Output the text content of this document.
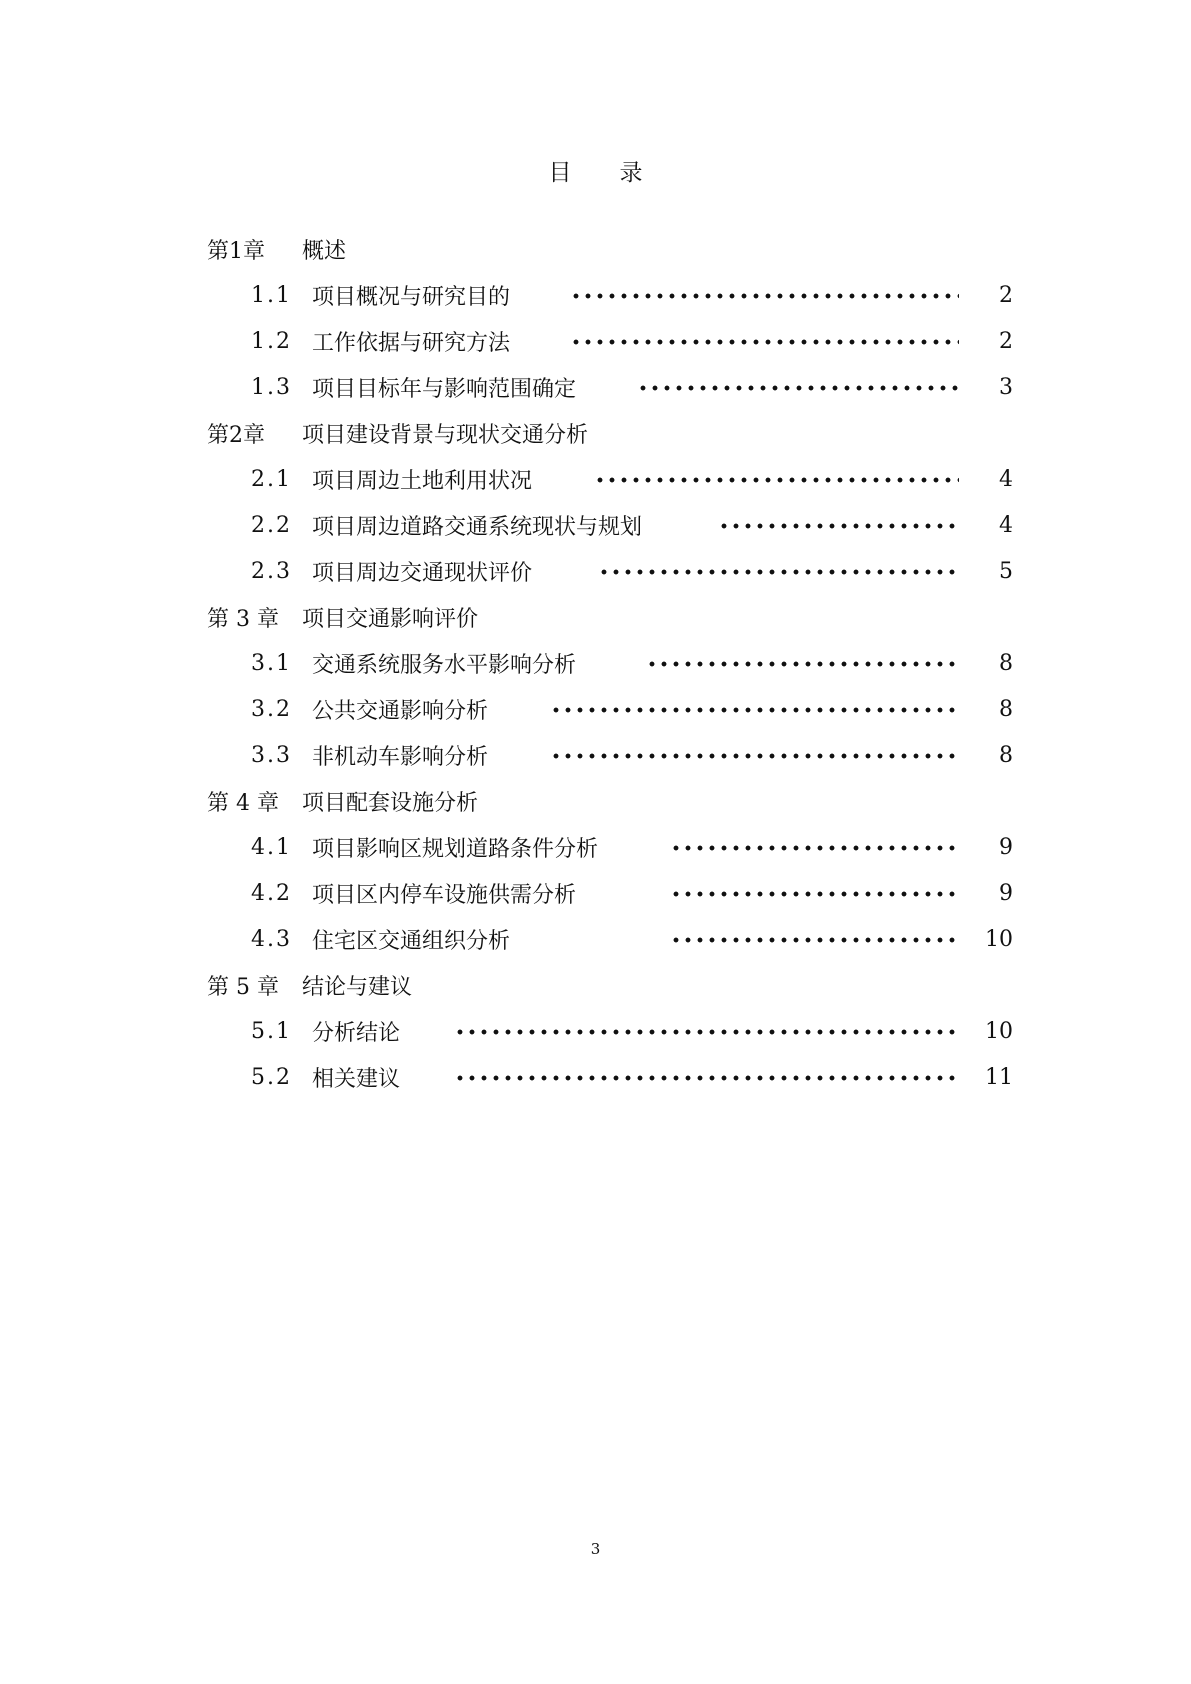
目录
第1章 概述
1.1 项目概况与研究目的	2
1.2 工作依据与研究方法	2
1.3 项目目标年与影响范围确定	3
第2章 项目建设背景与现状交通分析
2.1 项目周边土地利用状况	4
2.2 项目周边道路交通系统现状与规划	4
2.3 项目周边交通现状评价	5
第 3 章 项目交通影响评价
3.1 交通系统服务水平影响分析	8
3.2 公共交通影响分析	8
3.3 非机动车影响分析	8
第 4 章 项目配套设施分析
4.1 项目影响区规划道路条件分析	9
4.2 项目区内停车设施供需分析	9
4.3 住宅区交通组织分析	10
第 5 章 结论与建议
5.1 分析结论	10
5.2 相关建议	11
3
